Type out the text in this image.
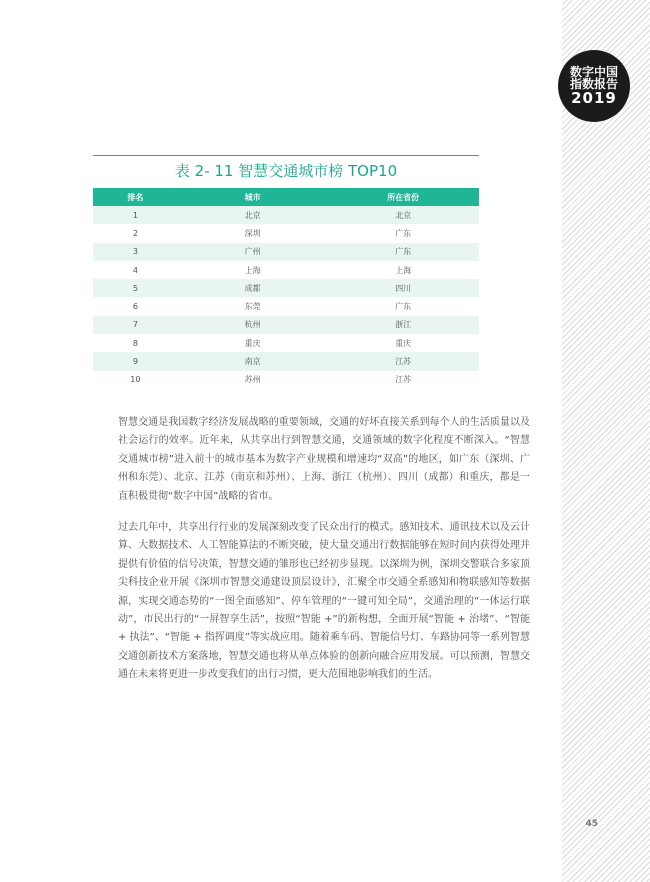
数字中国
指数报告
2019
表 2- 11 智慧交通城市榜 TOP10
排名	城市	所在省份
1	北京	北京
2	深圳	广东
3	广州	广东
4	上海	上海
5	成都	四川
6	东莞	广东
7	杭州	浙江
8	重庆	重庆
9	南京	江苏
10	苏州	江苏

智慧交通是我国数字经济发展战略的重要领域，交通的好坏直接关系到每个人的生活质量以及社会运行的效率。近年来，从共享出行到智慧交通，交通领域的数字化程度不断深入。“智慧交通城市榜”进入前十的城市基本为数字产业规模和增速均“双高”的地区，如广东（深圳、广州和东莞）、北京、江苏（南京和苏州）、上海、浙江（杭州）、四川（成都）和重庆，都是一直积极贯彻“数字中国”战略的省市。

过去几年中，共享出行行业的发展深刻改变了民众出行的模式。感知技术、通讯技术以及云计算、大数据技术、人工智能算法的不断突破，使大量交通出行数据能够在短时间内获得处理并提供有价值的信号决策，智慧交通的雏形也已经初步显现。以深圳为例，深圳交警联合多家顶尖科技企业开展《深圳市智慧交通建设顶层设计》，汇聚全市交通全系感知和物联感知等数据源，实现交通态势的“一图全面感知”、停车管理的“一键可知全局”，交通治理的“一体运行联动”，市民出行的“一屏智享生活”，按照“智能 +”的新构想，全面开展“智能 + 治堵”、“智能 + 执法”、“智能 + 指挥调度”等实战应用。随着乘车码、智能信号灯、车路协同等一系列智慧交通创新技术方案落地，智慧交通也将从单点体验的创新向融合应用发展。可以预测，智慧交通在未来将更进一步改变我们的出行习惯，更大范围地影响我们的生活。

45
